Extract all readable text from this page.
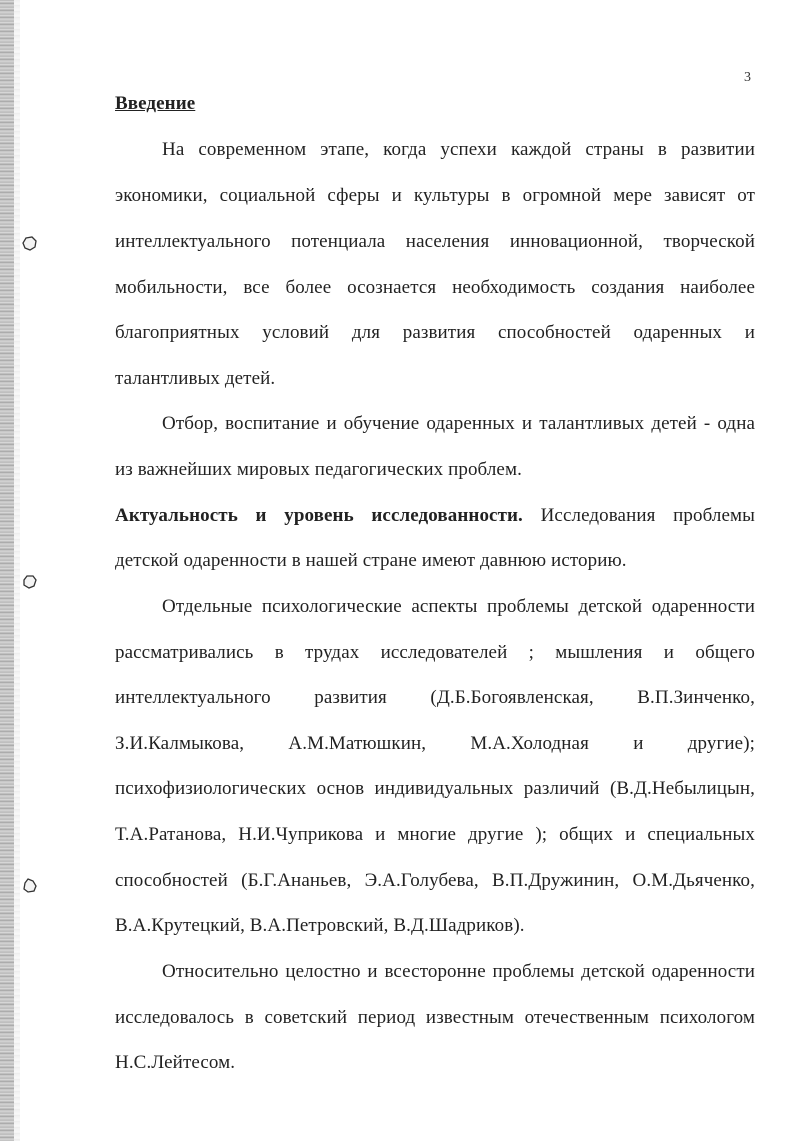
3
Введение
На современном этапе, когда успехи каждой страны в развитии
экономики, социальной сферы и культуры в огромной мере зависят от
интеллектуального потенциала населения инновационной, творческой
мобильности, все более осознается необходимость создания наиболее
благоприятных условий для развития способностей одаренных и
талантливых детей.
Отбор, воспитание и обучение одаренных и талантливых детей - одна
из важнейших мировых педагогических проблем.
Актуальность и уровень исследованности. Исследования проблемы
детской одаренности в нашей стране имеют давнюю историю.
Отдельные психологические аспекты проблемы детской одаренности
рассматривались в трудах исследователей ; мышления и общего
интеллектуального развития (Д.Б.Богоявленская, В.П.Зинченко,
З.И.Калмыкова, А.М.Матюшкин, М.А.Холодная и другие);
психофизиологических основ индивидуальных различий (В.Д.Небылицын,
Т.А.Ратанова, Н.И.Чуприкова и многие другие ); общих и специальных
способностей (Б.Г.Ананьев, Э.А.Голубева, В.П.Дружинин, О.М.Дьяченко,
В.А.Крутецкий, В.А.Петровский, В.Д.Шадриков).
Относительно целостно и всесторонне проблемы детской одаренности
исследовалось в советский период известным отечественным психологом
Н.С.Лейтесом.
